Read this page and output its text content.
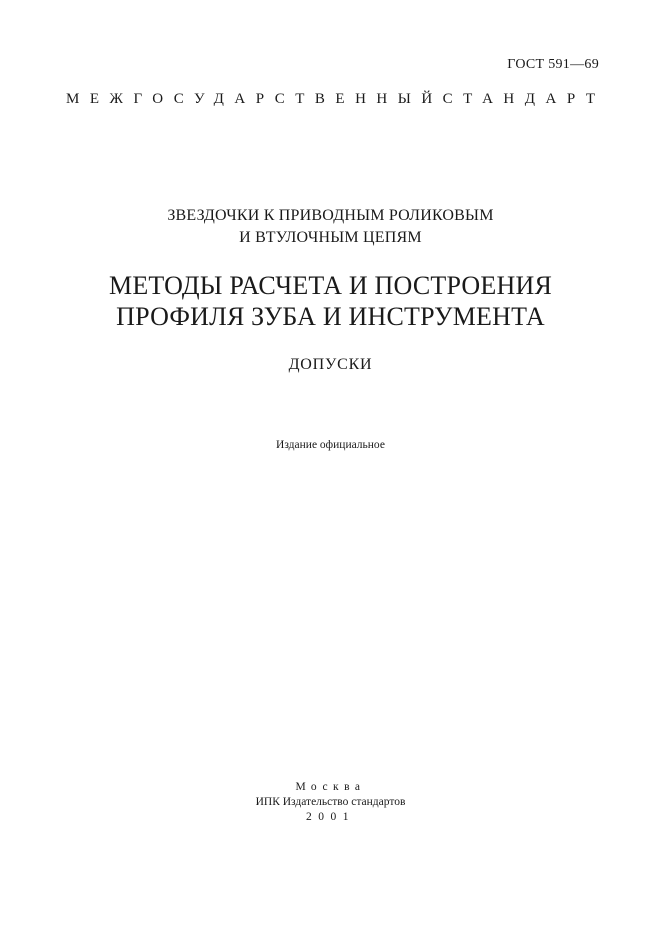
ГОСТ 591—69
МЕЖГОСУДАРСТВЕННЫЙ СТАНДАРТ
ЗВЕЗДОЧКИ К ПРИВОДНЫМ РОЛИКОВЫМ
И ВТУЛОЧНЫМ ЦЕПЯМ
МЕТОДЫ РАСЧЕТА И ПОСТРОЕНИЯ
ПРОФИЛЯ ЗУБА И ИНСТРУМЕНТА
ДОПУСКИ
Издание официальное
Москва
ИПК Издательство стандартов
2001
